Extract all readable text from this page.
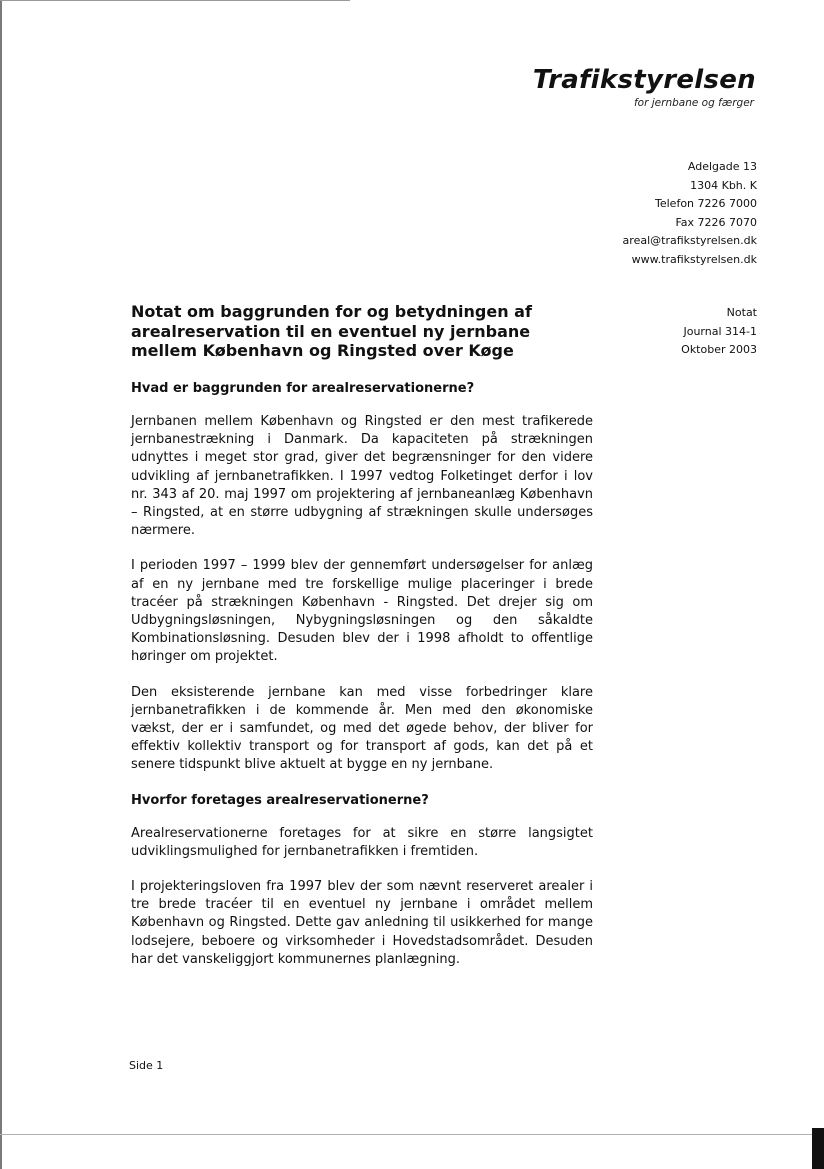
Trafikstyrelsen
for jernbane og færger
Adelgade 13
1304 Kbh. K
Telefon 7226 7000
Fax 7226 7070
areal@trafikstyrelsen.dk
www.trafikstyrelsen.dk
Notat
Journal 314-1
Oktober 2003
Notat om baggrunden for og betydningen af arealreservation til en eventuel ny jernbane mellem København og Ringsted over Køge
Hvad er baggrunden for arealreservationerne?

Jernbanen mellem København og Ringsted er den mest trafikerede jernbanestrækning i Danmark. Da kapaciteten på strækningen udnyttes i meget stor grad, giver det begrænsninger for den videre udvikling af jernbanetrafikken. I 1997 vedtog Folketinget derfor i lov nr. 343 af 20. maj 1997 om projektering af jernbaneanlæg København – Ringsted, at en større udbygning af strækningen skulle undersøges nærmere.

I perioden 1997 – 1999 blev der gennemført undersøgelser for anlæg af en ny jernbane med tre forskellige mulige placeringer i brede tracéer på strækningen København - Ringsted. Det drejer sig om Udbygningsløsningen, Nybygningsløsningen og den såkaldte Kombinationsløsning. Desuden blev der i 1998 afholdt to offentlige høringer om projektet.

Den eksisterende jernbane kan med visse forbedringer klare jernbanetrafikken i de kommende år. Men med den økonomiske vækst, der er i samfundet, og med det øgede behov, der bliver for effektiv kollektiv transport og for transport af gods, kan det på et senere tidspunkt blive aktuelt at bygge en ny jernbane.

Hvorfor foretages arealreservationerne?

Arealreservationerne foretages for at sikre en større langsigtet udviklingsmulighed for jernbanetrafikken i fremtiden.

I projekteringsloven fra 1997 blev der som nævnt reserveret arealer i tre brede tracéer til en eventuel ny jernbane i området mellem København og Ringsted. Dette gav anledning til usikkerhed for mange lodsejere, beboere og virksomheder i Hovedstadsområdet. Desuden har det vanskeliggjort kommunernes planlægning.

Side 1
